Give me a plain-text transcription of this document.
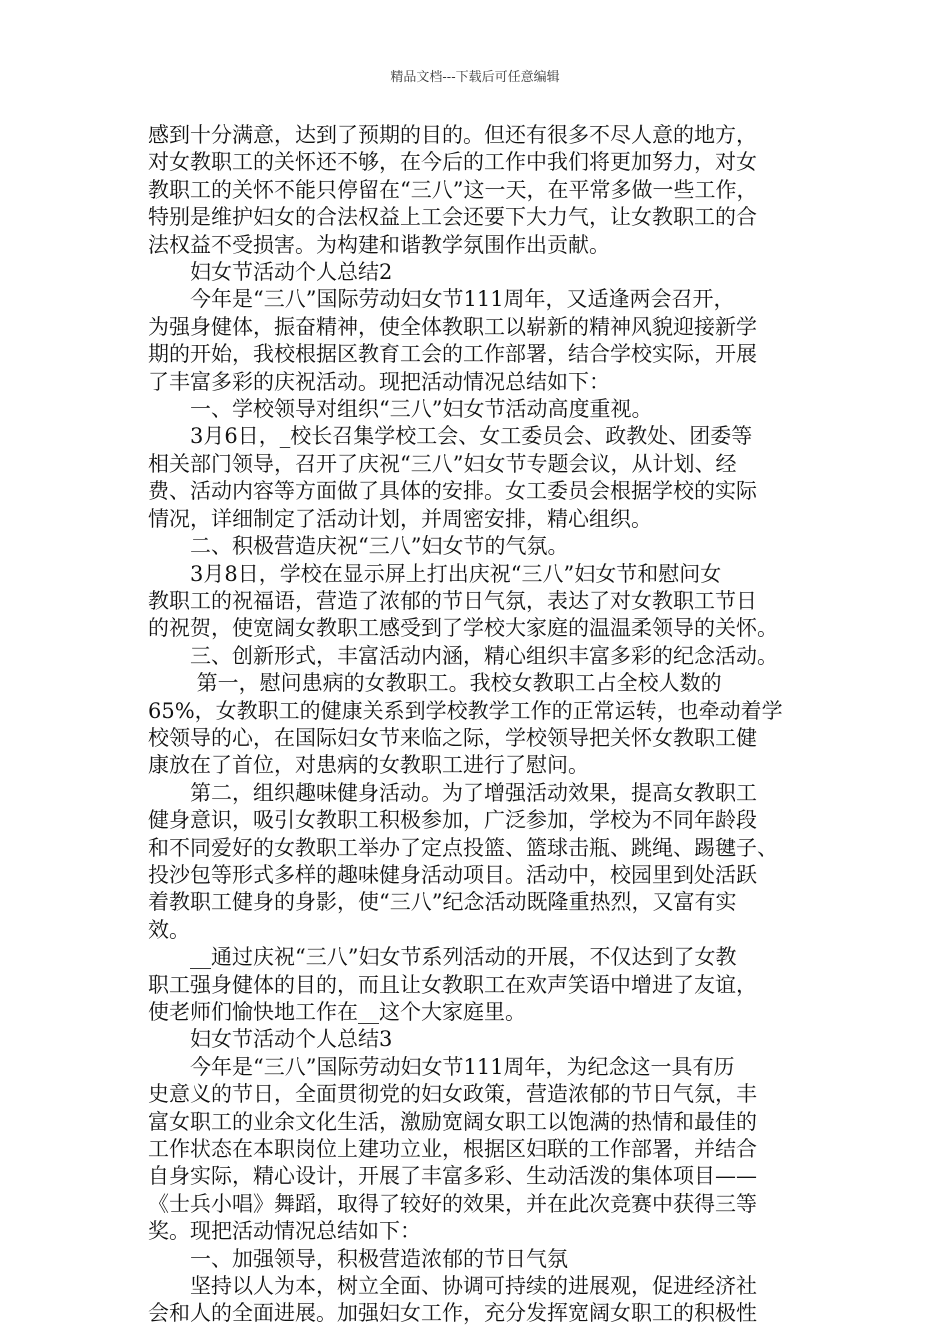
精品文档---下载后可任意编辑

感到十分满意，达到了预期的目的。但还有很多不尽人意的地方，

对女教职工的关怀还不够，在今后的工作中我们将更加努力，对女

教职工的关怀不能只停留在“三八”这一天，在平常多做一些工作，

特别是维护妇女的合法权益上工会还要下大力气，让女教职工的合

法权益不受损害。为构建和谐教学氛围作出贡献。

　　妇女节活动个人总结2

　　今年是“三八”国际劳动妇女节111周年，又适逢两会召开，

为强身健体，振奋精神，使全体教职工以崭新的精神风貌迎接新学

期的开始，我校根据区教育工会的工作部署，结合学校实际，开展

了丰富多彩的庆祝活动。现把活动情况总结如下：

　　一、学校领导对组织“三八”妇女节活动高度重视。

　　3月6日，_校长召集学校工会、女工委员会、政教处、团委等

相关部门领导，召开了庆祝“三八”妇女节专题会议，从计划、经

费、活动内容等方面做了具体的安排。女工委员会根据学校的实际

情况，详细制定了活动计划，并周密安排，精心组织。

　　二、积极营造庆祝“三八”妇女节的气氛。

　　3月8日，学校在显示屏上打出庆祝“三八”妇女节和慰问女

教职工的祝福语，营造了浓郁的节日气氛，表达了对女教职工节日

的祝贺，使宽阔女教职工感受到了学校大家庭的温温柔领导的关怀。

　　三、创新形式，丰富活动内涵，精心组织丰富多彩的纪念活动。

　　 第一，慰问患病的女教职工。我校女教职工占全校人数的

65%，女教职工的健康关系到学校教学工作的正常运转，也牵动着学

校领导的心，在国际妇女节来临之际，学校领导把关怀女教职工健

康放在了首位，对患病的女教职工进行了慰问。

　　第二，组织趣味健身活动。为了增强活动效果，提高女教职工

健身意识，吸引女教职工积极参加，广泛参加，学校为不同年龄段

和不同爱好的女教职工举办了定点投篮、篮球击瓶、跳绳、踢毽子、

投沙包等形式多样的趣味健身活动项目。活动中，校园里到处活跃

着教职工健身的身影，使“三八”纪念活动既隆重热烈，又富有实

效。

　　__通过庆祝“三八”妇女节系列活动的开展，不仅达到了女教

职工强身健体的目的，而且让女教职工在欢声笑语中增进了友谊，

使老师们愉快地工作在__这个大家庭里。

　　妇女节活动个人总结3

　　今年是“三八”国际劳动妇女节111周年，为纪念这一具有历

史意义的节日，全面贯彻党的妇女政策，营造浓郁的节日气氛，丰

富女职工的业余文化生活，激励宽阔女职工以饱满的热情和最佳的

工作状态在本职岗位上建功立业，根据区妇联的工作部署，并结合

自身实际，精心设计，开展了丰富多彩、生动活泼的集体项目——

《士兵小唱》舞蹈，取得了较好的效果，并在此次竞赛中获得三等

奖。现把活动情况总结如下：

　　一、加强领导，积极营造浓郁的节日气氛

　　坚持以人为本，树立全面、协调可持续的进展观，促进经济社

会和人的全面进展。加强妇女工作，充分发挥宽阔女职工的积极性
